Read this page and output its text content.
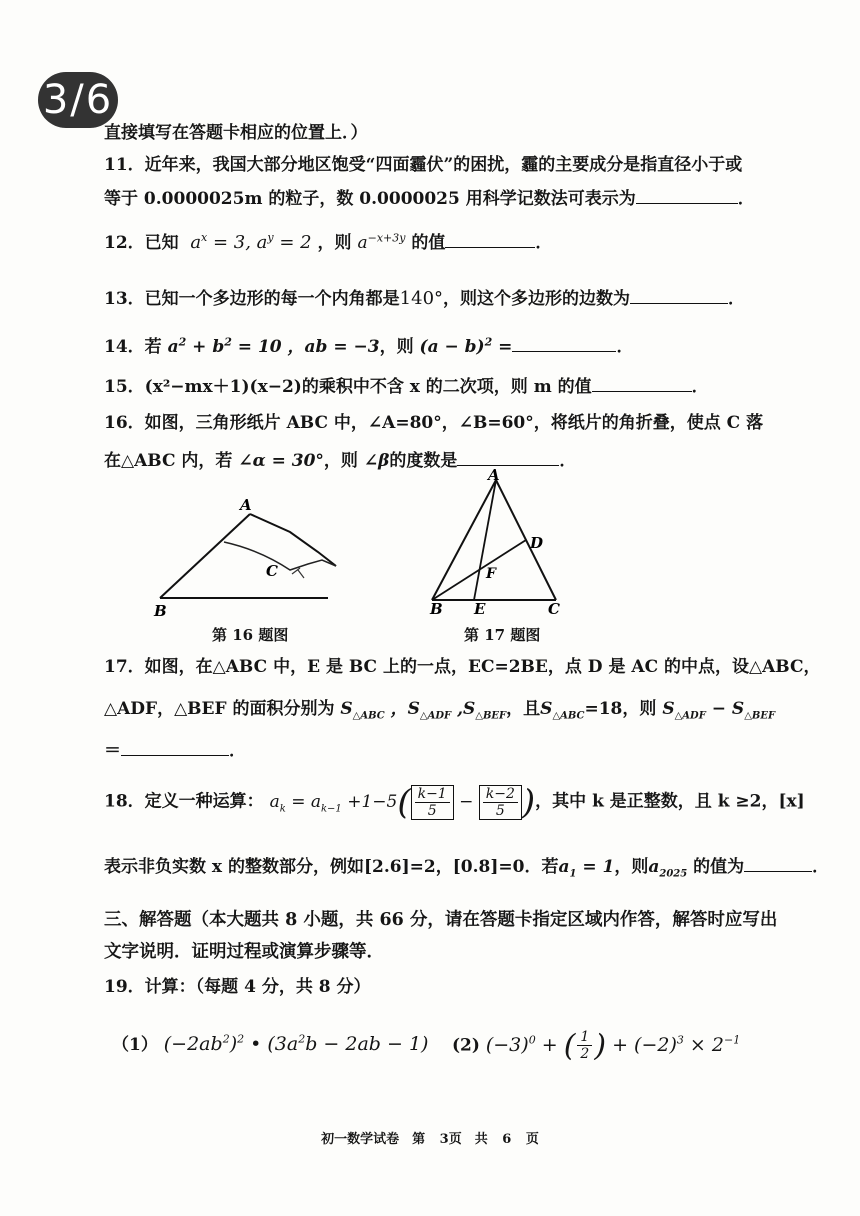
3/6
直接填写在答题卡相应的位置上．）
11．近年来，我国大部分地区饱受“四面霾伏”的困扰，霾的主要成分是指直径小于或
等于 0.0000025m 的粒子，数 0.0000025 用科学记数法可表示为	．
12．已知  $a^x = 3$, $a^y = 2$ ，则 $a^{-x+3y}$ 的值	．
13．已知一个多边形的每一个内角都是140°，则这个多边形的边数为	．
14．若 $a^2 + b^2 = 10$ ，ab = −3，则 $(a - b)^2$ =	．
15．(x²−mx＋1)(x−2)的乘积中不含 x 的二次项，则 m 的值	．
16．如图，三角形纸片 ABC 中，∠A=80°，∠B=60°，将纸片的角折叠，使点 C 落
在△ABC 内，若 ∠α = 30°，则 ∠β的度数是	．
A
B
C
第 16 题图
A
B	C
D
E
F
第 17 题图
17．如图，在△ABC 中，E 是 BC 上的一点，EC=2BE，点 D 是 AC 的中点，设△ABC，
△ADF，△BEF 的面积分别为 $S_{\triangle ABC}$ ，$S_{\triangle ADF}$ $,S_{\triangle BEF}$，且$S_{\triangle ABC}=18$，则 $S_{\triangle ADF} - S_{\triangle BEF}$
＝	．
18．定义一种运算： $a_k = a_{k-1} +1-5( \frac{k-1}{5} - \frac{k-2}{5}$ )，其中 k 是正整数，且 k ≥2，[x]
表示非负实数 x 的整数部分，例如[2.6]=2，[0.8]=0．若$a_1 = 1$，则$a_{2025}$ 的值为	．
三、解答题（本大题共 8 小题，共 66 分，请在答题卡指定区域内作答，解答时应写出
文字说明．证明过程或演算步骤等．
19．计算：（每题 4 分，共 8 分）
（1） $(-2ab^2)^2$ • $(3a^2b - 2ab - 1)$ (2) $(-3)^0$ + ( $\frac{1}{2}$ ) + $(-2)^3 \times 2^{-1}$
初一数学试卷　第 3页　共 6 页
